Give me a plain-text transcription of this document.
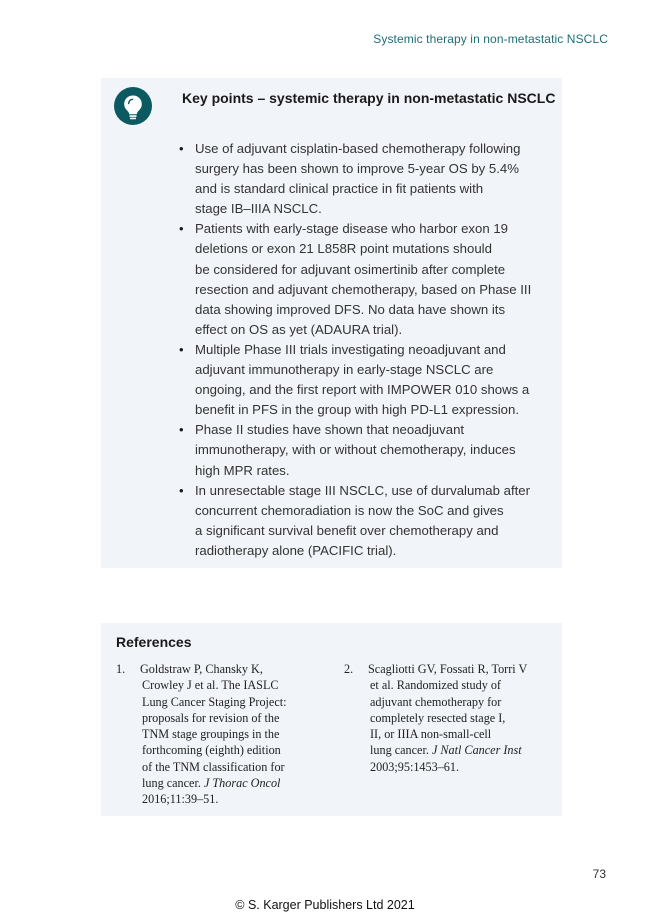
Systemic therapy in non-metastatic NSCLC
Key points – systemic therapy in non-metastatic NSCLC
• Use of adjuvant cisplatin-based chemotherapy following
surgery has been shown to improve 5-year OS by 5.4%
and is standard clinical practice in fit patients with
stage IB–IIIA NSCLC.
• Patients with early-stage disease who harbor exon 19
deletions or exon 21 L858R point mutations should
be considered for adjuvant osimertinib after complete
resection and adjuvant chemotherapy, based on Phase III
data showing improved DFS. No data have shown its
effect on OS as yet (ADAURA trial).
• Multiple Phase III trials investigating neoadjuvant and
adjuvant immunotherapy in early-stage NSCLC are
ongoing, and the first report with IMPOWER 010 shows a
benefit in PFS in the group with high PD-L1 expression.
• Phase II studies have shown that neoadjuvant
immunotherapy, with or without chemotherapy, induces
high MPR rates.
• In unresectable stage III NSCLC, use of durvalumab after
concurrent chemoradiation is now the SoC and gives
a significant survival benefit over chemotherapy and
radiotherapy alone (PACIFIC trial).
References
1. Goldstraw P, Chansky K,
Crowley J et al. The IASLC
Lung Cancer Staging Project:
proposals for revision of the
TNM stage groupings in the
forthcoming (eighth) edition
of the TNM classification for
lung cancer. J Thorac Oncol
2016;11:39–51.
2. Scagliotti GV, Fossati R, Torri V
et al. Randomized study of
adjuvant chemotherapy for
completely resected stage I,
II, or IIIA non-small-cell
lung cancer. J Natl Cancer Inst
2003;95:1453–61.
73
© S. Karger Publishers Ltd 2021
